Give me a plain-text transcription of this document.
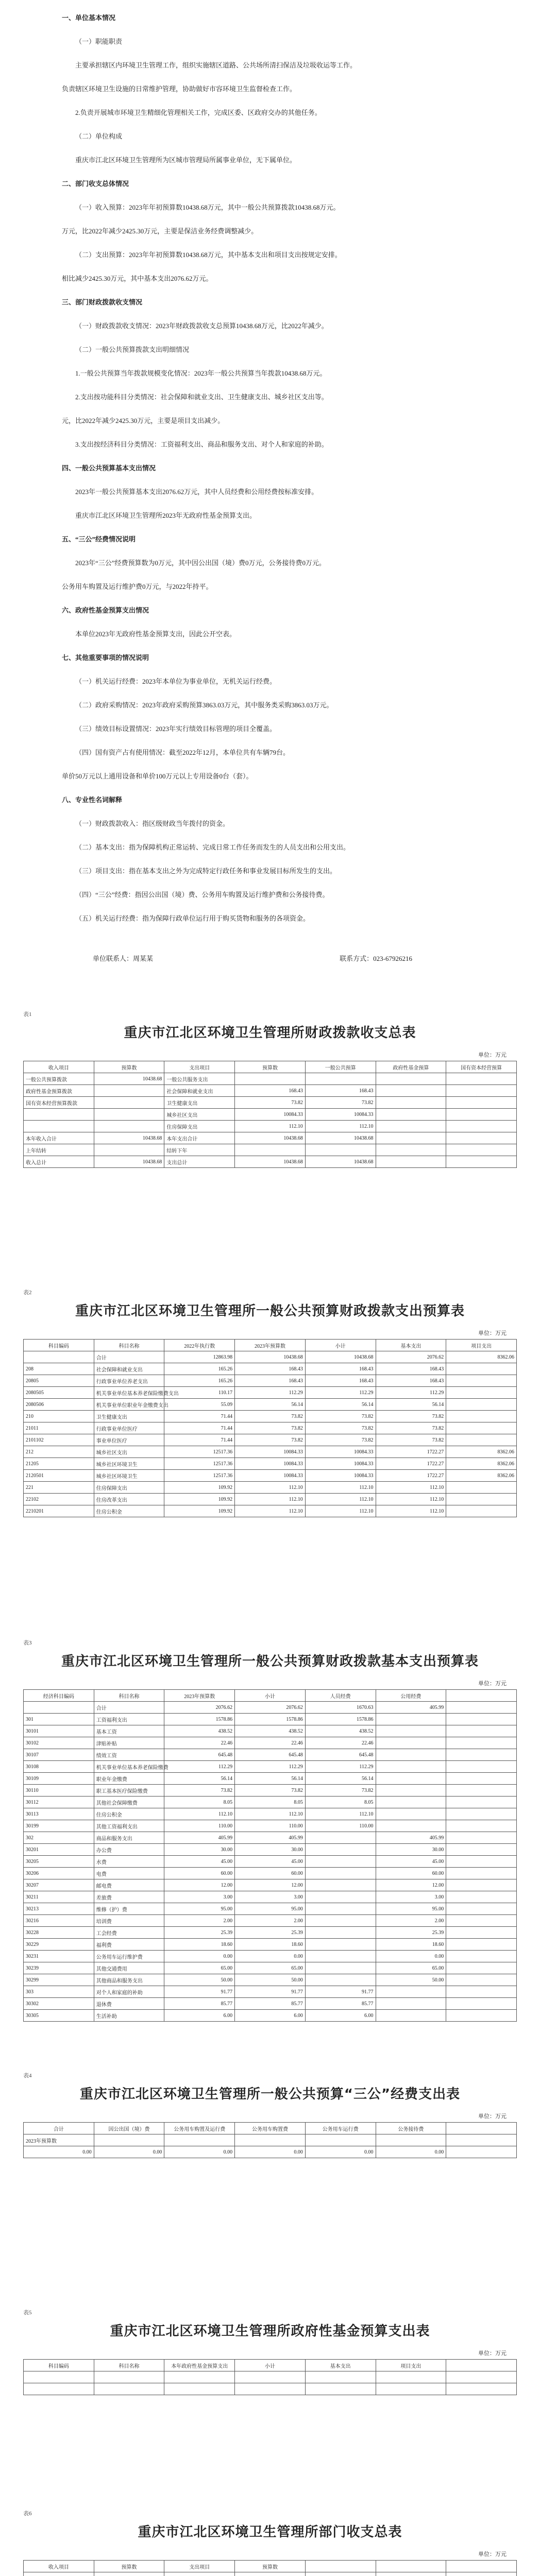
一、单位基本情况
（一）职能职责
主要承担辖区内环境卫生管理工作，组织实施辖区道路、公共场所清扫保洁及垃圾收运等工作。
负责辖区环境卫生设施的日常维护管理，协助做好市容环境卫生监督检查工作。
2.负责开展城市环境卫生精细化管理相关工作，完成区委、区政府交办的其他任务。
（二）单位构成
重庆市江北区环境卫生管理所为区城市管理局所属事业单位，无下属单位。
二、部门收支总体情况
（一）收入预算：2023年年初预算数10438.68万元，其中一般公共预算拨款10438.68万元。
万元，比2022年减少2425.30万元，主要是保洁业务经费调整减少。
（二）支出预算：2023年年初预算数10438.68万元，其中基本支出和项目支出按规定安排。
相比减少2425.30万元，其中基本支出2076.62万元。
三、部门财政拨款收支情况
（一）财政拨款收支情况：2023年财政拨款收支总预算10438.68万元，比2022年减少。
（二）一般公共预算拨款支出明细情况
1.一般公共预算当年拨款规模变化情况：2023年一般公共预算当年拨款10438.68万元。
2.支出按功能科目分类情况：社会保障和就业支出、卫生健康支出、城乡社区支出等。
元，比2022年减少2425.30万元，主要是项目支出减少。
3.支出按经济科目分类情况：工资福利支出、商品和服务支出、对个人和家庭的补助。
四、一般公共预算基本支出情况
2023年一般公共预算基本支出2076.62万元，其中人员经费和公用经费按标准安排。
重庆市江北区环境卫生管理所2023年无政府性基金预算支出。
五、“三公”经费情况说明
2023年“三公”经费预算数为0万元，其中因公出国（境）费0万元，公务接待费0万元。
公务用车购置及运行维护费0万元，与2022年持平。
六、政府性基金预算支出情况
本单位2023年无政府性基金预算支出，因此公开空表。
七、其他重要事项的情况说明
（一）机关运行经费：2023年本单位为事业单位，无机关运行经费。
（二）政府采购情况：2023年政府采购预算3863.03万元，其中服务类采购3863.03万元。
（三）绩效目标设置情况：2023年实行绩效目标管理的项目全覆盖。
（四）国有资产占有使用情况：截至2022年12月，本单位共有车辆79台。
单价50万元以上通用设备和单价100万元以上专用设备0台（套）。
八、专业性名词解释
（一）财政拨款收入：指区级财政当年拨付的资金。
（二）基本支出：指为保障机构正常运转、完成日常工作任务而发生的人员支出和公用支出。
（三）项目支出：指在基本支出之外为完成特定行政任务和事业发展目标所发生的支出。
（四）“三公”经费：指因公出国（境）费、公务用车购置及运行维护费和公务接待费。
（五）机关运行经费：指为保障行政单位运行用于购买货物和服务的各项资金。
单位联系人：周某某	联系方式：023-67926216
表1
重庆市江北区环境卫生管理所财政拨款收支总表
单位：万元
收入项目	预算数	支出项目	预算数	一般公共预算	政府性基金预算	国有资本经营预算
一般公共预算拨款	10438.68	一般公共服务支出				
政府性基金预算拨款		社会保障和就业支出	168.43	168.43		
国有资本经营预算拨款		卫生健康支出	73.82	73.82		
		城乡社区支出	10084.33	10084.33		
		住房保障支出	112.10	112.10		
本年收入合计	10438.68	本年支出合计	10438.68	10438.68		
上年结转		结转下年				
收入总计	10438.68	支出总计	10438.68	10438.68		
表2
重庆市江北区环境卫生管理所一般公共预算财政拨款支出预算表
单位：万元
科目编码	科目名称	2022年执行数	2023年预算数	小计	基本支出	项目支出
	合计	12863.98	10438.68	10438.68	2076.62	8362.06
208	社会保障和就业支出	165.26	168.43	168.43	168.43	
20805	行政事业单位养老支出	165.26	168.43	168.43	168.43	
2080505	机关事业单位基本养老保险缴费支出	110.17	112.29	112.29	112.29	
2080506	机关事业单位职业年金缴费支出	55.09	56.14	56.14	56.14	
210	卫生健康支出	71.44	73.82	73.82	73.82	
21011	行政事业单位医疗	71.44	73.82	73.82	73.82	
2101102	事业单位医疗	71.44	73.82	73.82	73.82	
212	城乡社区支出	12517.36	10084.33	10084.33	1722.27	8362.06
21205	城乡社区环境卫生	12517.36	10084.33	10084.33	1722.27	8362.06
2120501	城乡社区环境卫生	12517.36	10084.33	10084.33	1722.27	8362.06
221	住房保障支出	109.92	112.10	112.10	112.10	
22102	住房改革支出	109.92	112.10	112.10	112.10	
2210201	住房公积金	109.92	112.10	112.10	112.10	
表3
重庆市江北区环境卫生管理所一般公共预算财政拨款基本支出预算表
单位：万元
经济科目编码	科目名称	2023年预算数	小计	人员经费	公用经费	
	合计	2076.62	2076.62	1670.63	405.99	
301	工资福利支出	1578.86	1578.86	1578.86		
30101	基本工资	438.52	438.52	438.52		
30102	津贴补贴	22.46	22.46	22.46		
30107	绩效工资	645.48	645.48	645.48		
30108	机关事业单位基本养老保险缴费	112.29	112.29	112.29		
30109	职业年金缴费	56.14	56.14	56.14		
30110	职工基本医疗保险缴费	73.82	73.82	73.82		
30112	其他社会保障缴费	8.05	8.05	8.05		
30113	住房公积金	112.10	112.10	112.10		
30199	其他工资福利支出	110.00	110.00	110.00		
302	商品和服务支出	405.99	405.99		405.99	
30201	办公费	30.00	30.00		30.00	
30205	水费	45.00	45.00		45.00	
30206	电费	60.00	60.00		60.00	
30207	邮电费	12.00	12.00		12.00	
30211	差旅费	3.00	3.00		3.00	
30213	维修（护）费	95.00	95.00		95.00	
30216	培训费	2.00	2.00		2.00	
30228	工会经费	25.39	25.39		25.39	
30229	福利费	18.60	18.60		18.60	
30231	公务用车运行维护费	0.00	0.00		0.00	
30239	其他交通费用	65.00	65.00		65.00	
30299	其他商品和服务支出	50.00	50.00		50.00	
303	对个人和家庭的补助	91.77	91.77	91.77		
30302	退休费	85.77	85.77	85.77		
30305	生活补助	6.00	6.00	6.00		
表4
重庆市江北区环境卫生管理所一般公共预算“三公”经费支出表
单位：万元
合计	因公出国（境）费	公务用车购置及运行费	公务用车购置费	公务用车运行费	公务接待费	
2023年预算数						
0.00	0.00	0.00	0.00	0.00	0.00	
表5
重庆市江北区环境卫生管理所政府性基金预算支出表
单位：万元
科目编码	科目名称	本年政府性基金预算支出	小计	基本支出	项目支出	

表6
重庆市江北区环境卫生管理所部门收支总表
单位：万元
收入项目	预算数	支出项目	预算数			
